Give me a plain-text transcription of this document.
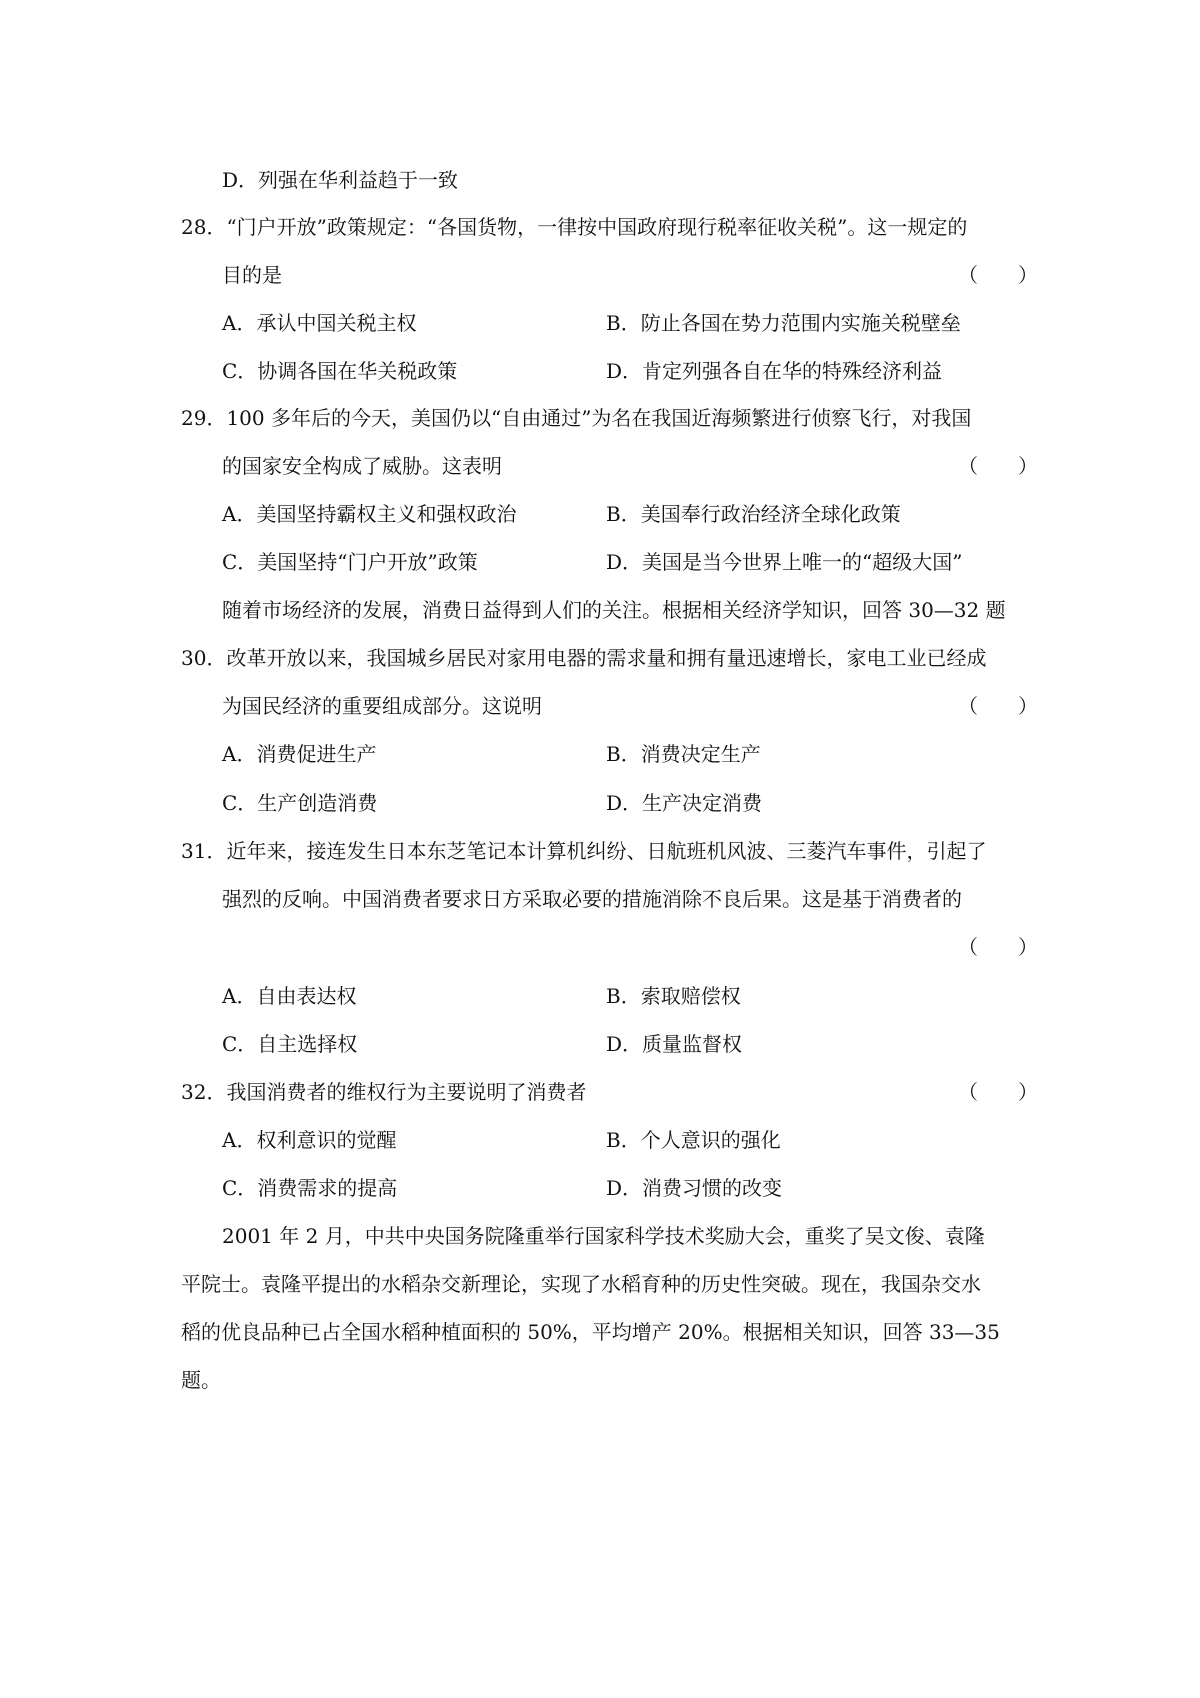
D．列强在华利益趋于一致
28．“门户开放”政策规定：“各国货物，一律按中国政府现行税率征收关税”。这一规定的
目的是	（　　）
A．承认中国关税主权	B．防止各国在势力范围内实施关税壁垒
C．协调各国在华关税政策	D．肯定列强各自在华的特殊经济利益
29．100 多年后的今天，美国仍以“自由通过”为名在我国近海频繁进行侦察飞行，对我国
的国家安全构成了威胁。这表明	（　　）
A．美国坚持霸权主义和强权政治	B．美国奉行政治经济全球化政策
C．美国坚持“门户开放”政策	D．美国是当今世界上唯一的“超级大国”
随着市场经济的发展，消费日益得到人们的关注。根据相关经济学知识，回答 30—32 题
30．改革开放以来，我国城乡居民对家用电器的需求量和拥有量迅速增长，家电工业已经成
为国民经济的重要组成部分。这说明	（　　）
A．消费促进生产	B．消费决定生产
C．生产创造消费	D．生产决定消费
31．近年来，接连发生日本东芝笔记本计算机纠纷、日航班机风波、三菱汽车事件，引起了
强烈的反响。中国消费者要求日方采取必要的措施消除不良后果。这是基于消费者的
（　　）
A．自由表达权	B．索取赔偿权
C．自主选择权	D．质量监督权
32．我国消费者的维权行为主要说明了消费者	（　　）
A．权利意识的觉醒	B．个人意识的强化
C．消费需求的提高	D．消费习惯的改变
2001 年 2 月，中共中央国务院隆重举行国家科学技术奖励大会，重奖了吴文俊、袁隆
平院士。袁隆平提出的水稻杂交新理论，实现了水稻育种的历史性突破。现在，我国杂交水
稻的优良品种已占全国水稻种植面积的 50%，平均增产 20%。根据相关知识，回答 33—35
题。
